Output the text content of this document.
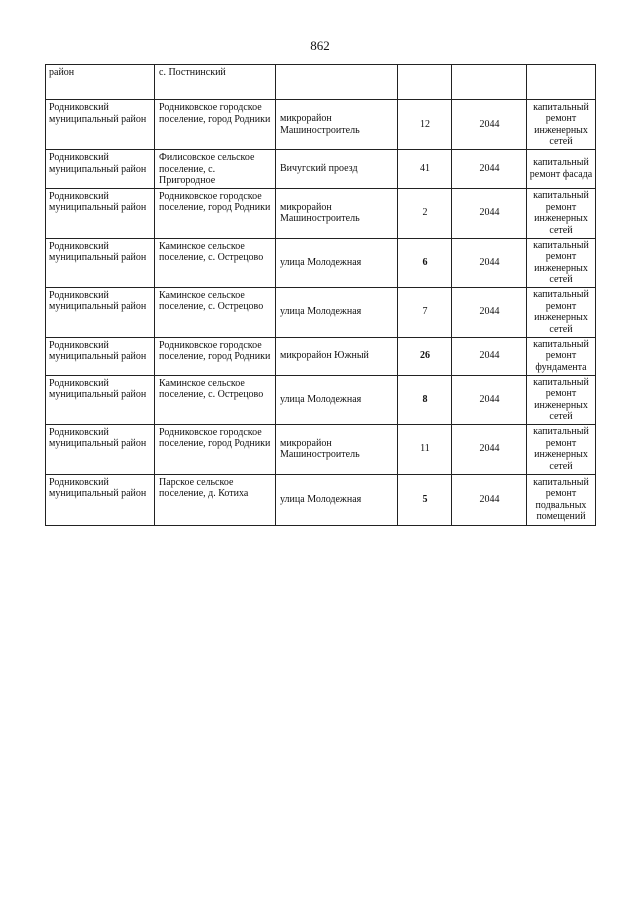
862
район	с. Постнинский				
Родниковский муниципальный район	Родниковское городское поселение, город Родники	микрорайон Машиностроитель	12	2044	капитальный ремонт инженерных сетей
Родниковский муниципальный район	Филисовское сельское поселение, с. Пригородное	Вичугский проезд	41	2044	капитальный ремонт фасада
Родниковский муниципальный район	Родниковское городское поселение, город Родники	микрорайон Машиностроитель	2	2044	капитальный ремонт инженерных сетей
Родниковский муниципальный район	Каминское сельское поселение, с. Острецово	улица Молодежная	6	2044	капитальный ремонт инженерных сетей
Родниковский муниципальный район	Каминское сельское поселение, с. Острецово	улица Молодежная	7	2044	капитальный ремонт инженерных сетей
Родниковский муниципальный район	Родниковское городское поселение, город Родники	микрорайон Южный	26	2044	капитальный ремонт фундамента
Родниковский муниципальный район	Каминское сельское поселение, с. Острецово	улица Молодежная	8	2044	капитальный ремонт инженерных сетей
Родниковский муниципальный район	Родниковское городское поселение, город Родники	микрорайон Машиностроитель	11	2044	капитальный ремонт инженерных сетей
Родниковский муниципальный район	Парское сельское поселение, д. Котиха	улица Молодежная	5	2044	капитальный ремонт подвальных помещений
